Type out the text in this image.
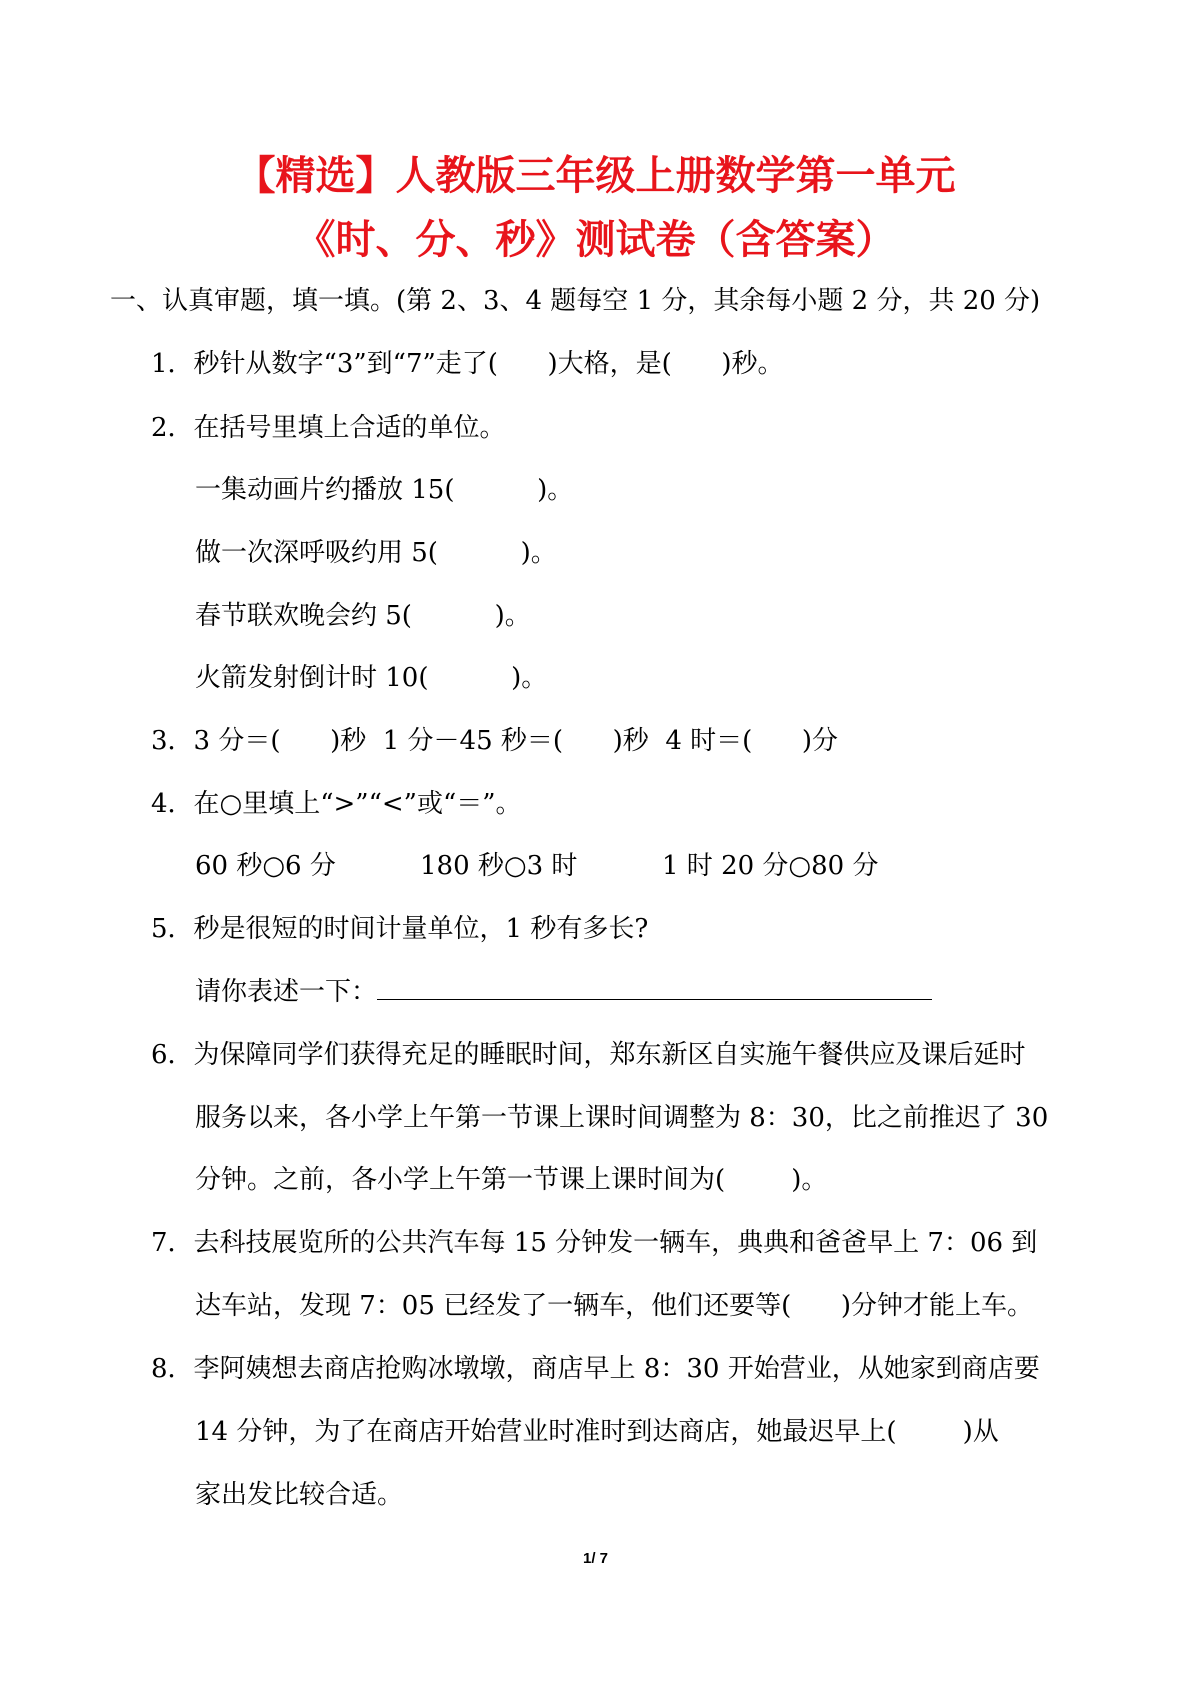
【精选】人教版三年级上册数学第一单元
《时、分、秒》测试卷（含答案）
一、认真审题，填一填。(第 2、3、4 题每空 1 分，其余每小题 2 分，共 20 分)
1．秒针从数字“3”到“7”走了(      )大格，是(      )秒。
2．在括号里填上合适的单位。
一集动画片约播放 15(          )。
做一次深呼吸约用 5(          )。
春节联欢晚会约 5(          )。
火箭发射倒计时 10(          )。
3．3 分＝(      )秒  1 分－45 秒＝(      )秒  4 时＝(      )分
4．在○里填上“>”“<”或“＝”。
60 秒○6 分	180 秒○3 时	1 时 20 分○80 分
5．秒是很短的时间计量单位，1 秒有多长?
请你表述一下：
6．为保障同学们获得充足的睡眠时间，郑东新区自实施午餐供应及课后延时
服务以来，各小学上午第一节课上课时间调整为 8：30，比之前推迟了 30
分钟。之前，各小学上午第一节课上课时间为(        )。
7．去科技展览所的公共汽车每 15 分钟发一辆车，典典和爸爸早上 7：06 到
达车站，发现 7：05 已经发了一辆车，他们还要等(      )分钟才能上车。
8．李阿姨想去商店抢购冰墩墩，商店早上 8：30 开始营业，从她家到商店要
14 分钟，为了在商店开始营业时准时到达商店，她最迟早上(        )从
家出发比较合适。
1/ 7
